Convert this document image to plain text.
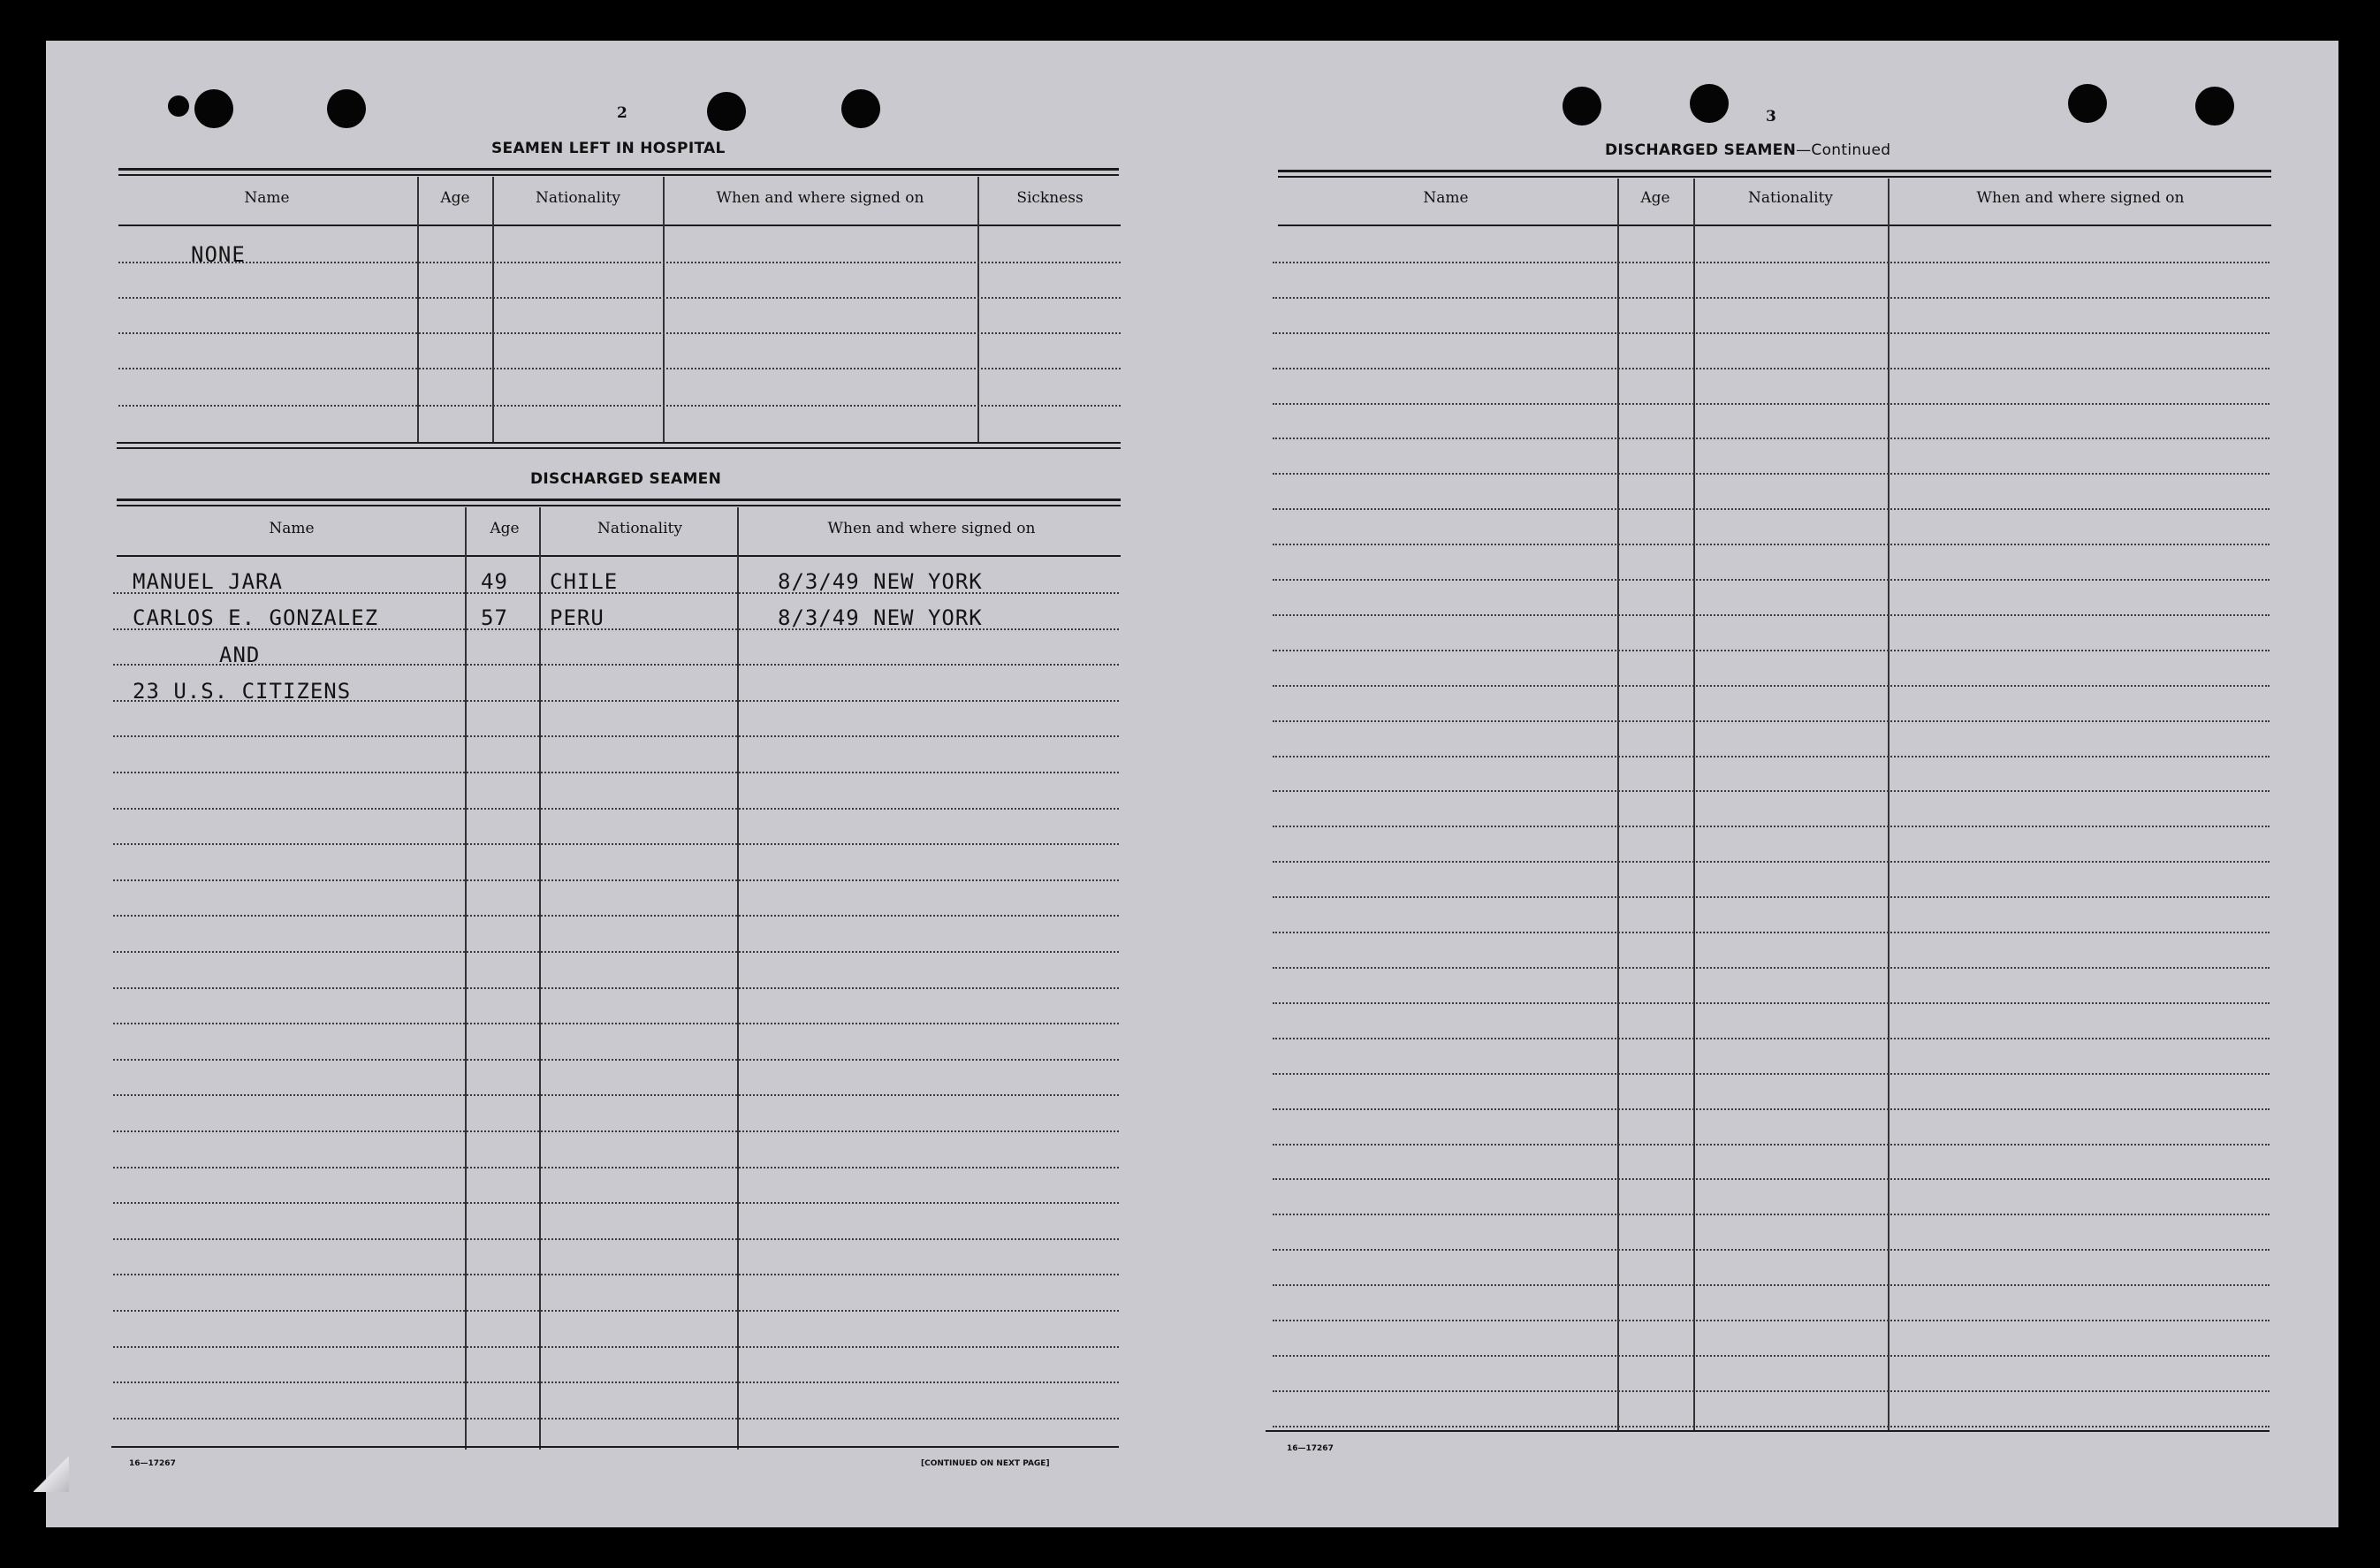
2
SEAMEN LEFT IN HOSPITAL
Name	Age	Nationality	When and where signed on	Sickness
NONE
DISCHARGED SEAMEN
Name	Age	Nationality	When and where signed on
MANUEL JARA	49 CHILE	8/3/49 NEW YORK
CARLOS E. GONZALEZ	57 PERU	8/3/49 NEW YORK
AND
23 U.S. CITIZENS
16—17267	[CONTINUED ON NEXT PAGE]
3
DISCHARGED SEAMEN—Continued
Name	Age	Nationality	When and where signed on
16—17267
